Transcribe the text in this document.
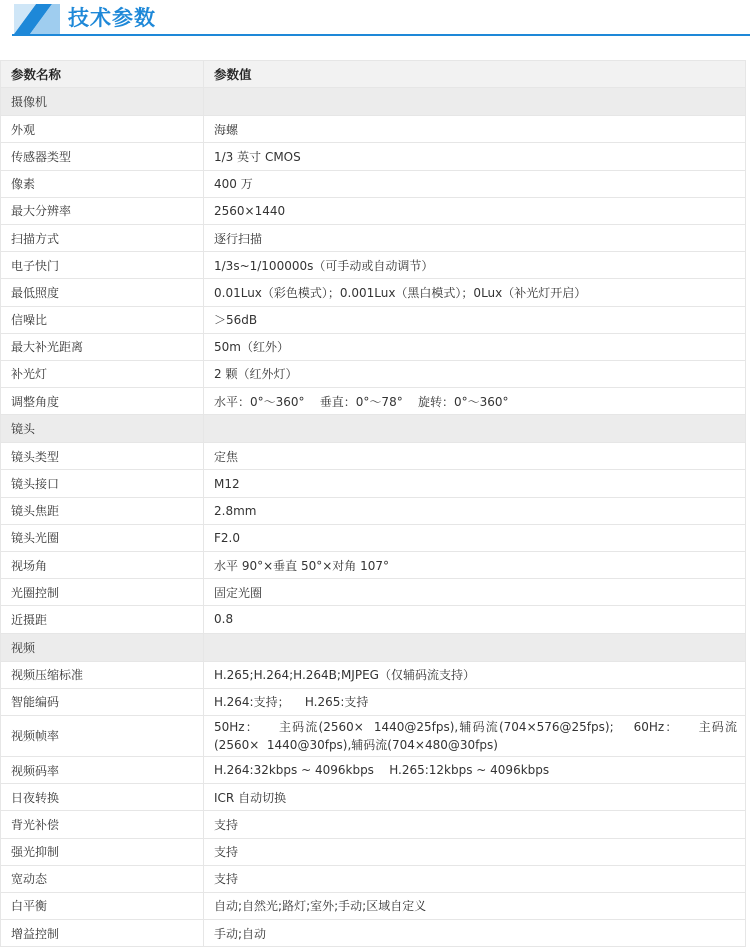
技术参数
参数名称	参数值
摄像机	
外观	海螺
传感器类型	1/3 英寸 CMOS
像素	400 万
最大分辨率	2560×1440
扫描方式	逐行扫描
电子快门	1/3s~1/100000s（可手动或自动调节）
最低照度	0.01Lux（彩色模式）；0.001Lux（黑白模式）；0Lux（补光灯开启）
信噪比	＞56dB
最大补光距离	50m（红外）
补光灯	2 颗（红外灯）
调整角度	水平：0°～360°    垂直：0°～78°    旋转：0°～360°
镜头	
镜头类型	定焦
镜头接口	M12
镜头焦距	2.8mm
镜头光圈	F2.0
视场角	水平 90°×垂直 50°×对角 107°
光圈控制	固定光圈
近摄距	0.8
视频	
视频压缩标准	H.265;H.264;H.264B;MJPEG（仅辅码流支持）
智能编码	H.264:支持；    H.265:支持
视频帧率	50Hz：    主码流(2560×  1440@25fps),辅码流(704×576@25fps);    60Hz：    主码流(2560×  1440@30fps),辅码流(704×480@30fps)
视频码率	H.264:32kbps ~ 4096kbps    H.265:12kbps ~ 4096kbps
日夜转换	ICR 自动切换
背光补偿	支持
强光抑制	支持
宽动态	支持
白平衡	自动;自然光;路灯;室外;手动;区域自定义
增益控制	手动;自动
